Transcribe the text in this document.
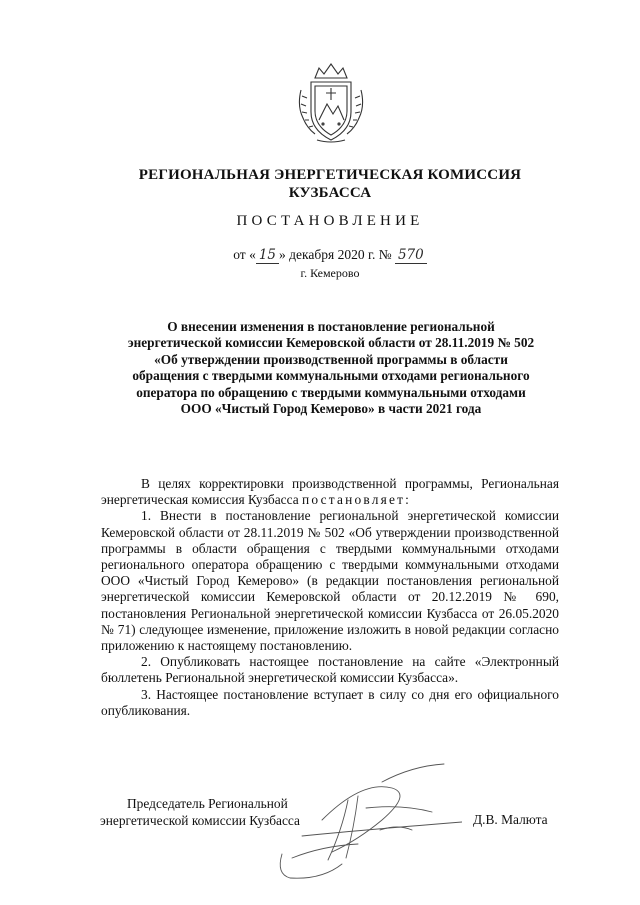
РЕГИОНАЛЬНАЯ ЭНЕРГЕТИЧЕСКАЯ КОМИССИЯ
КУЗБАССА
ПОСТАНОВЛЕНИЕ
от « 15 » декабря 2020 г. № 570
г. Кемерово
О внесении изменения в постановление региональной
энергетической комиссии Кемеровской области от 28.11.2019 № 502
«Об утверждении производственной программы в области
обращения с твердыми коммунальными отходами регионального
оператора по обращению с твердыми коммунальными отходами
ООО «Чистый Город Кемерово» в части 2021 года

В целях корректировки производственной программы, Региональная энергетическая комиссия Кузбасса постановляет:

1. Внести в постановление региональной энергетической комиссии Кемеровской области от 28.11.2019 № 502 «Об утверждении производственной программы в области обращения с твердыми коммунальными отходами регионального оператора обращению с твердыми коммунальными отходами ООО «Чистый Город Кемерово» (в редакции постановления региональной энергетической комиссии Кемеровской области от 20.12.2019 № 690, постановления Региональной энергетической комиссии Кузбасса от 26.05.2020 № 71) следующее изменение, приложение изложить в новой редакции согласно приложению к настоящему постановлению.

2. Опубликовать настоящее постановление на сайте «Электронный бюллетень Региональной энергетической комиссии Кузбасса».

3. Настоящее постановление вступает в силу со дня его официального опубликования.

Председатель Региональной
энергетической комиссии Кузбасса	Д.В. Малюта
